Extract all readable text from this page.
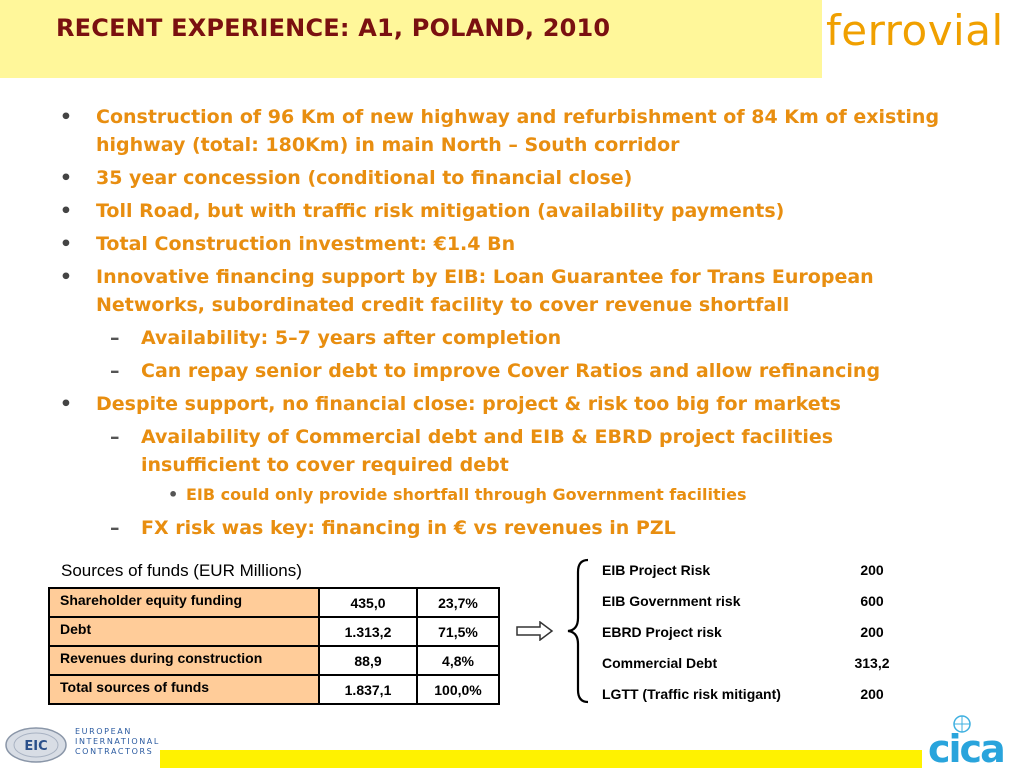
RECENT EXPERIENCE: A1, POLAND, 2010	ferrovial
• Construction of 96 Km of new highway and refurbishment of 84 Km of existing highway (total: 180Km) in main North – South corridor
• 35 year concession (conditional to financial close)
• Toll Road, but with traffic risk mitigation (availability payments)
• Total Construction investment: €1.4 Bn
• Innovative financing support by EIB: Loan Guarantee for Trans European Networks, subordinated credit facility to cover revenue shortfall
– Availability: 5–7 years after completion
– Can repay senior debt to improve Cover Ratios and allow refinancing
• Despite support, no financial close: project & risk too big for markets
– Availability of Commercial debt and EIB & EBRD project facilities insufficient to cover required debt
• EIB could only provide shortfall through Government facilities
– FX risk was key: financing in € vs revenues in PZL
Sources of funds (EUR Millions)
Shareholder equity funding	435,0	23,7%
Debt	1.313,2	71,5%
Revenues during construction	88,9	4,8%
Total sources of funds	1.837,1	100,0%
EIB Project Risk	200
EIB Government risk	600
EBRD Project risk	200
Commercial Debt	313,2
LGTT (Traffic risk mitigant)	200
EIC
EUROPEAN
INTERNATIONAL
CONTRACTORS	cica
